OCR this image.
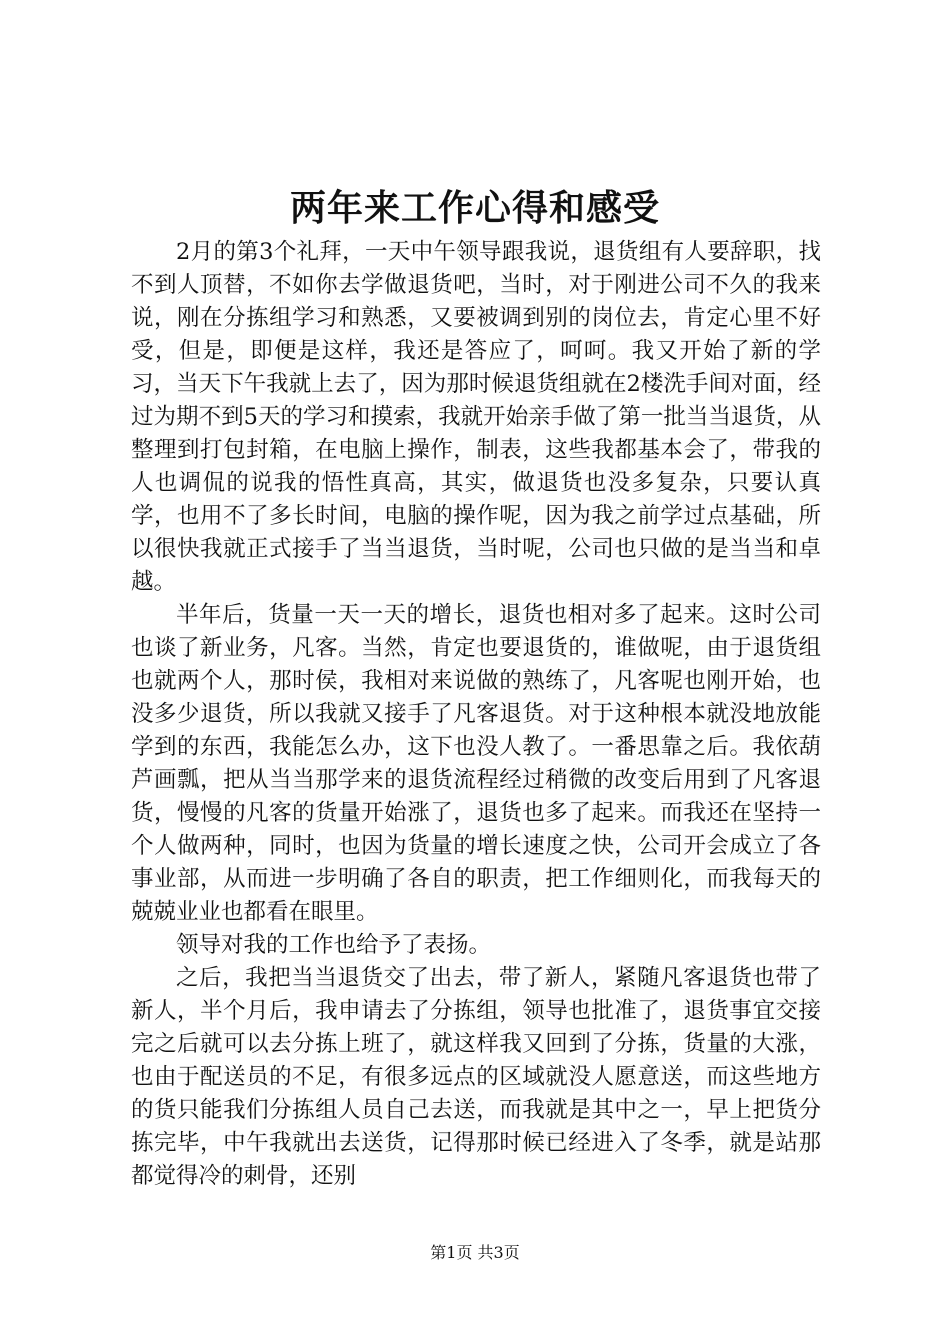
两年来工作心得和感受

2月的第3个礼拜，一天中午领导跟我说，退货组有人要辞职，找不到人顶替，不如你去学做退货吧，当时，对于刚进公司不久的我来说，刚在分拣组学习和熟悉，又要被调到别的岗位去，肯定心里不好受，但是，即便是这样，我还是答应了，呵呵。我又开始了新的学习，当天下午我就上去了，因为那时候退货组就在2楼洗手间对面，经过为期不到5天的学习和摸索，我就开始亲手做了第一批当当退货，从整理到打包封箱，在电脑上操作，制表，这些我都基本会了，带我的人也调侃的说我的悟性真高，其实，做退货也没多复杂，只要认真学，也用不了多长时间，电脑的操作呢，因为我之前学过点基础，所以很快我就正式接手了当当退货，当时呢，公司也只做的是当当和卓越。

半年后，货量一天一天的增长，退货也相对多了起来。这时公司也谈了新业务，凡客。当然，肯定也要退货的，谁做呢，由于退货组也就两个人，那时侯，我相对来说做的熟练了，凡客呢也刚开始，也没多少退货，所以我就又接手了凡客退货。对于这种根本就没地放能学到的东西，我能怎么办，这下也没人教了。一番思靠之后。我依葫芦画瓢，把从当当那学来的退货流程经过稍微的改变后用到了凡客退货，慢慢的凡客的货量开始涨了，退货也多了起来。而我还在坚持一个人做两种，同时，也因为货量的增长速度之快，公司开会成立了各事业部，从而进一步明确了各自的职责，把工作细则化，而我每天的兢兢业业也都看在眼里。

领导对我的工作也给予了表扬。

之后，我把当当退货交了出去，带了新人，紧随凡客退货也带了新人，半个月后，我申请去了分拣组，领导也批准了，退货事宜交接完之后就可以去分拣上班了，就这样我又回到了分拣，货量的大涨，也由于配送员的不足，有很多远点的区域就没人愿意送，而这些地方的货只能我们分拣组人员自己去送，而我就是其中之一，早上把货分拣完毕，中午我就出去送货，记得那时候已经进入了冬季，就是站那都觉得冷的刺骨，还别

第1页 共3页
